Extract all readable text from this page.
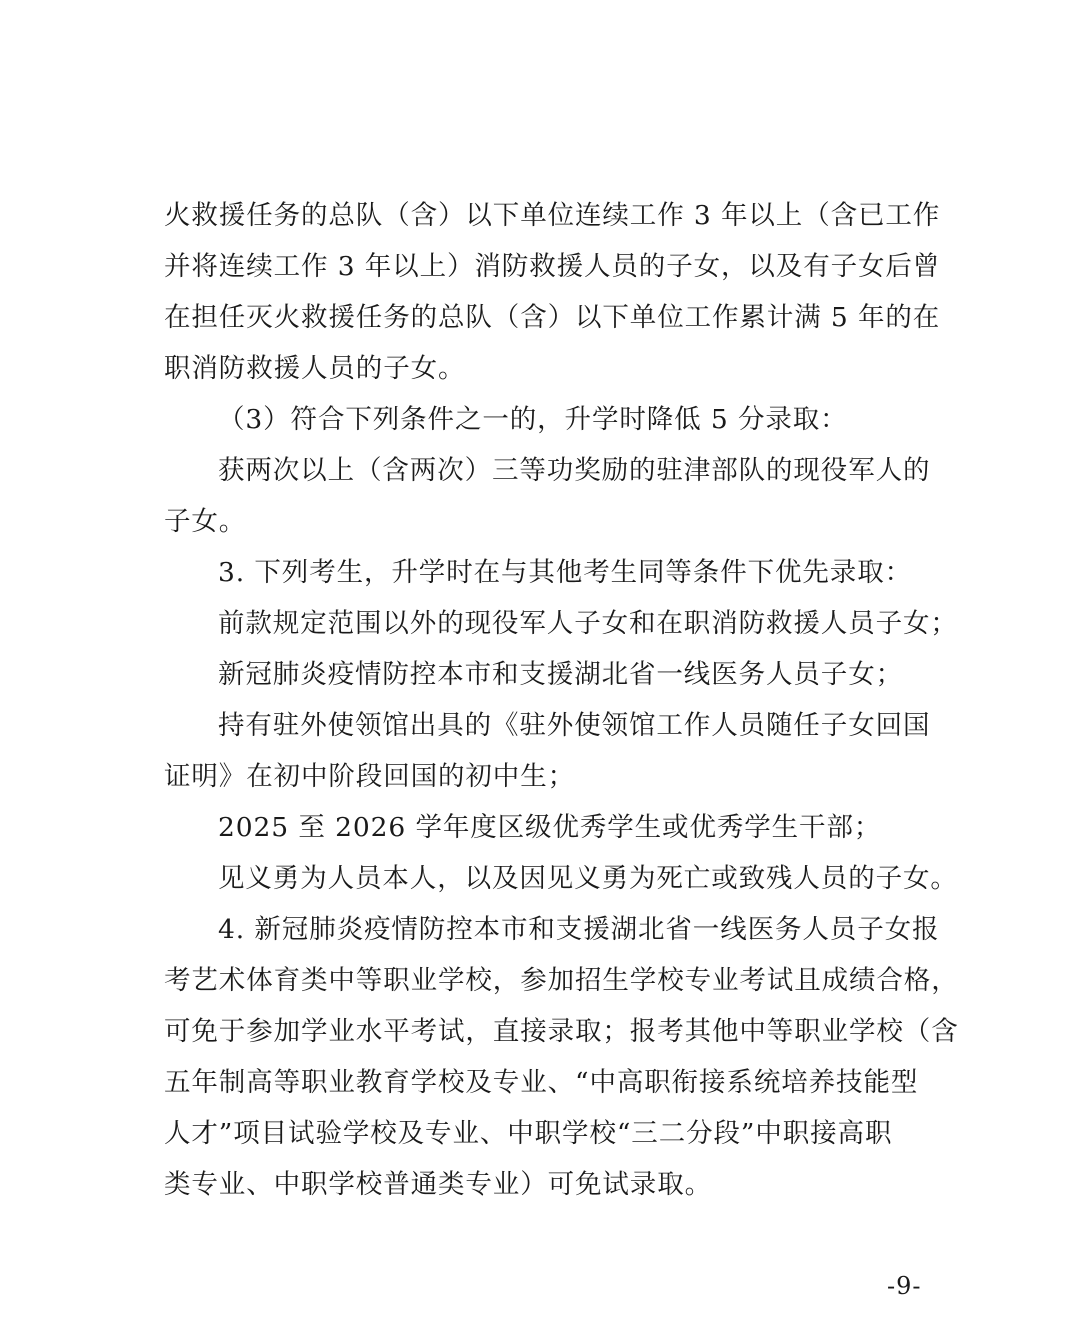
火救援任务的总队（含）以下单位连续工作 3 年以上（含已工作
并将连续工作 3 年以上）消防救援人员的子女，以及有子女后曾
在担任灭火救援任务的总队（含）以下单位工作累计满 5 年的在
职消防救援人员的子女。
（3）符合下列条件之一的，升学时降低 5 分录取：
获两次以上（含两次）三等功奖励的驻津部队的现役军人的
子女。
3. 下列考生，升学时在与其他考生同等条件下优先录取：
前款规定范围以外的现役军人子女和在职消防救援人员子女；
新冠肺炎疫情防控本市和支援湖北省一线医务人员子女；
持有驻外使领馆出具的《驻外使领馆工作人员随任子女回国
证明》在初中阶段回国的初中生；
2025 至 2026 学年度区级优秀学生或优秀学生干部；
见义勇为人员本人，以及因见义勇为死亡或致残人员的子女。
4. 新冠肺炎疫情防控本市和支援湖北省一线医务人员子女报
考艺术体育类中等职业学校，参加招生学校专业考试且成绩合格，
可免于参加学业水平考试，直接录取；报考其他中等职业学校（含
五年制高等职业教育学校及专业、“中高职衔接系统培养技能型
人才”项目试验学校及专业、中职学校“三二分段”中职接高职
类专业、中职学校普通类专业）可免试录取。
-9-
